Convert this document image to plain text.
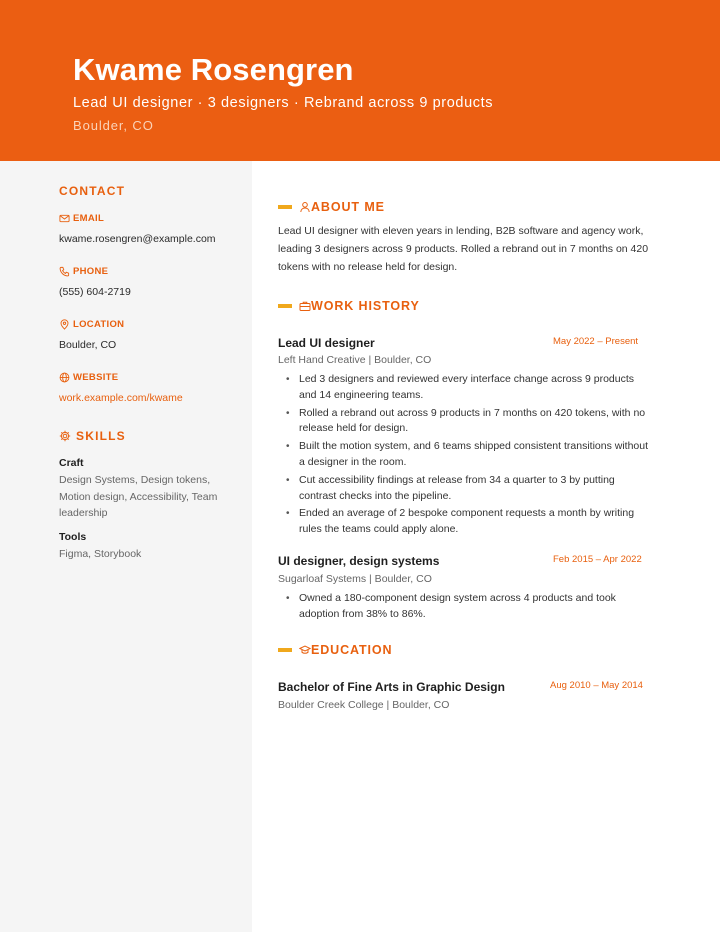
Kwame Rosengren
Lead UI designer · 3 designers · Rebrand across 9 products
Boulder, CO
CONTACT
EMAIL
kwame.rosengren@example.com
PHONE
(555) 604-2719
LOCATION
Boulder, CO
WEBSITE
work.example.com/kwame
SKILLS
Craft
Design Systems, Design tokens, Motion design, Accessibility, Team leadership
Tools
Figma, Storybook
ABOUT ME
Lead UI designer with eleven years in lending, B2B software and agency work, leading 3 designers across 9 products. Rolled a rebrand out in 7 months on 420 tokens with no release held for design.
WORK HISTORY
Lead UI designer	May 2022 – Present
Left Hand Creative | Boulder, CO
• Led 3 designers and reviewed every interface change across 9 products and 14 engineering teams.
• Rolled a rebrand out across 9 products in 7 months on 420 tokens, with no release held for design.
• Built the motion system, and 6 teams shipped consistent transitions without a designer in the room.
• Cut accessibility findings at release from 34 a quarter to 3 by putting contrast checks into the pipeline.
• Ended an average of 2 bespoke component requests a month by writing rules the teams could apply alone.
UI designer, design systems	Feb 2015 – Apr 2022
Sugarloaf Systems | Boulder, CO
• Owned a 180-component design system across 4 products and took adoption from 38% to 86%.
EDUCATION
Bachelor of Fine Arts in Graphic Design	Aug 2010 – May 2014
Boulder Creek College | Boulder, CO
